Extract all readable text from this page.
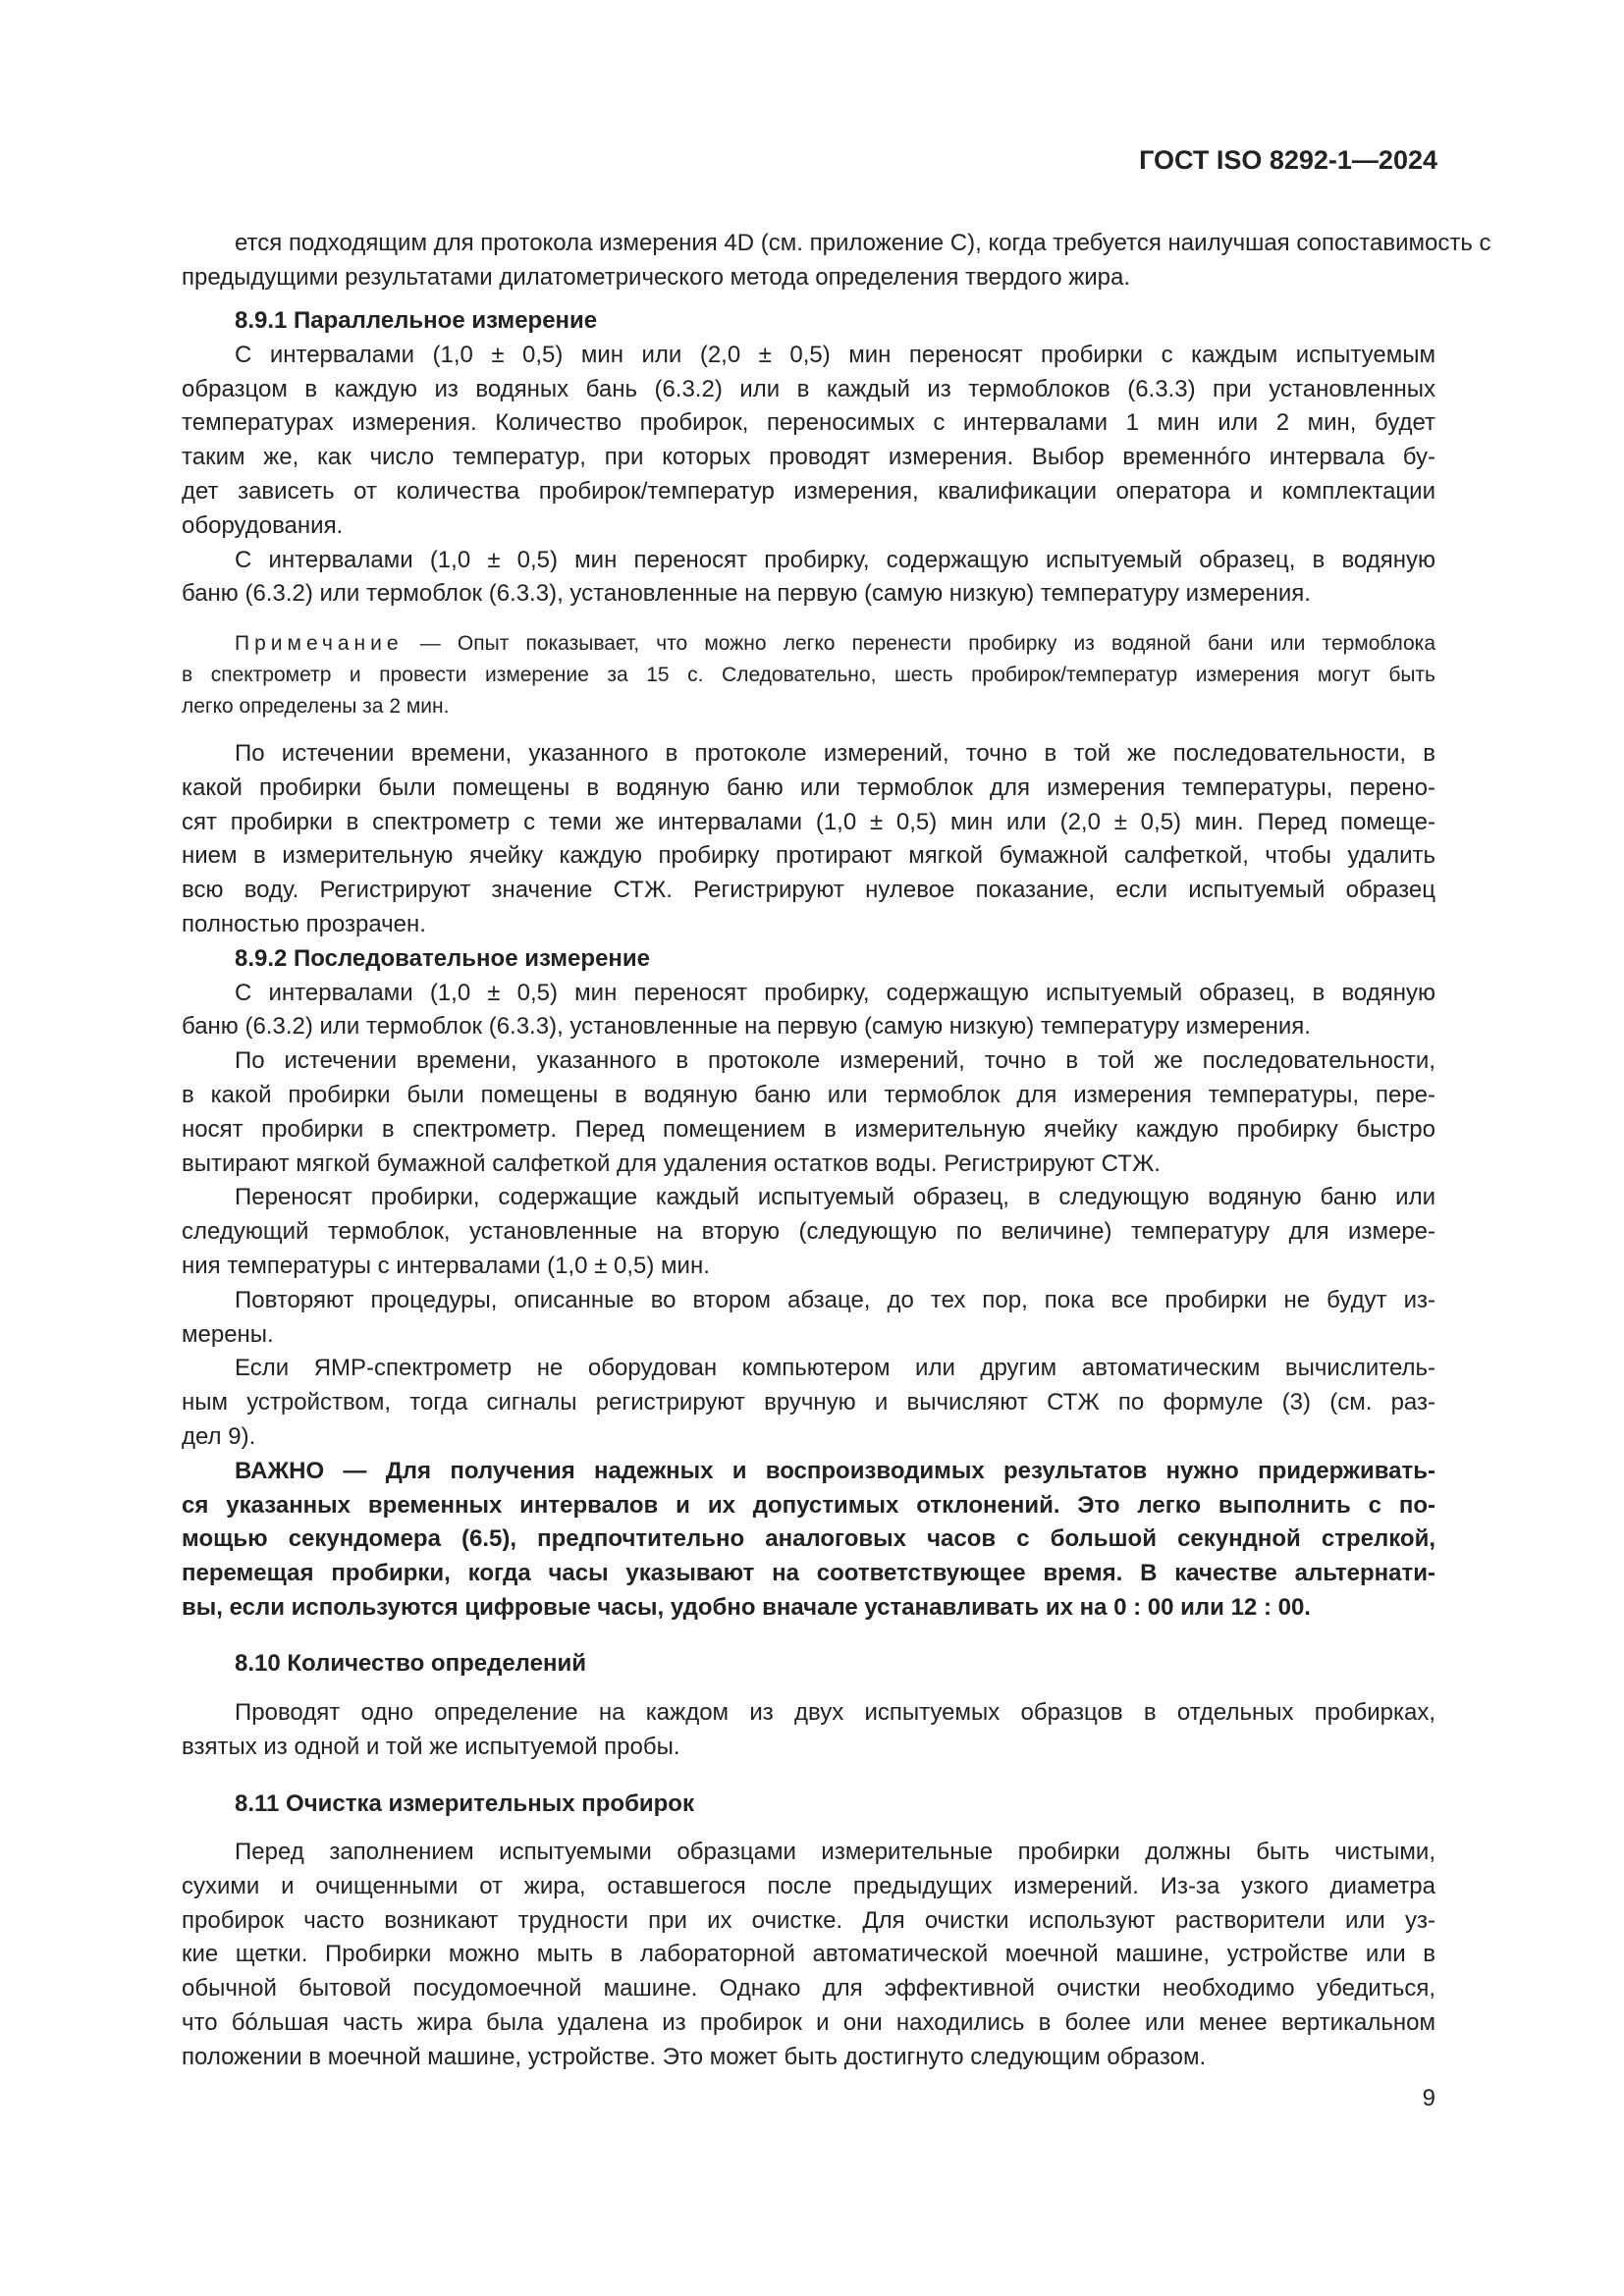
ГОСТ ISO 8292-1—2024
ется подходящим для протокола измерения 4D (см. приложение С), когда требуется наилучшая сопоставимость с
предыдущими результатами дилатометрического метода определения твердого жира.
8.9.1 Параллельное измерение
С интервалами (1,0 ± 0,5) мин или (2,0 ± 0,5) мин переносят пробирки с каждым испытуемым
образцом в каждую из водяных бань (6.3.2) или в каждый из термоблоков (6.3.3) при установленных
температурах измерения. Количество пробирок, переносимых с интервалами 1 мин или 2 мин, будет
таким же, как число температур, при которых проводят измерения. Выбор временнóго интервала бу-
дет зависеть от количества пробирок/температур измерения, квалификации оператора и комплектации
оборудования.
С интервалами (1,0 ± 0,5) мин переносят пробирку, содержащую испытуемый образец, в водяную
баню (6.3.2) или термоблок (6.3.3), установленные на первую (самую низкую) температуру измерения.
Примечание — Опыт показывает, что можно легко перенести пробирку из водяной бани или термоблока
в спектрометр и провести измерение за 15 с. Следовательно, шесть пробирок/температур измерения могут быть
легко определены за 2 мин.
По истечении времени, указанного в протоколе измерений, точно в той же последовательности, в
какой пробирки были помещены в водяную баню или термоблок для измерения температуры, перено-
сят пробирки в спектрометр с теми же интервалами (1,0 ± 0,5) мин или (2,0 ± 0,5) мин. Перед помеще-
нием в измерительную ячейку каждую пробирку протирают мягкой бумажной салфеткой, чтобы удалить
всю воду. Регистрируют значение СТЖ. Регистрируют нулевое показание, если испытуемый образец
полностью прозрачен.
8.9.2 Последовательное измерение
С интервалами (1,0 ± 0,5) мин переносят пробирку, содержащую испытуемый образец, в водяную
баню (6.3.2) или термоблок (6.3.3), установленные на первую (самую низкую) температуру измерения.
По истечении времени, указанного в протоколе измерений, точно в той же последовательности,
в какой пробирки были помещены в водяную баню или термоблок для измерения температуры, пере-
носят пробирки в спектрометр. Перед помещением в измерительную ячейку каждую пробирку быстро
вытирают мягкой бумажной салфеткой для удаления остатков воды. Регистрируют СТЖ.
Переносят пробирки, содержащие каждый испытуемый образец, в следующую водяную баню или
следующий термоблок, установленные на вторую (следующую по величине) температуру для измере-
ния температуры с интервалами (1,0 ± 0,5) мин.
Повторяют процедуры, описанные во втором абзаце, до тех пор, пока все пробирки не будут из-
мерены.
Если ЯМР-спектрометр не оборудован компьютером или другим автоматическим вычислитель-
ным устройством, тогда сигналы регистрируют вручную и вычисляют СТЖ по формуле (3) (см. раз-
дел 9).
ВАЖНО — Для получения надежных и воспроизводимых результатов нужно придерживать-
ся указанных временных интервалов и их допустимых отклонений. Это легко выполнить с по-
мощью секундомера (6.5), предпочтительно аналоговых часов с большой секундной стрелкой,
перемещая пробирки, когда часы указывают на соответствующее время. В качестве альтернати-
вы, если используются цифровые часы, удобно вначале устанавливать их на 0 : 00 или 12 : 00.
8.10 Количество определений
Проводят одно определение на каждом из двух испытуемых образцов в отдельных пробирках,
взятых из одной и той же испытуемой пробы.
8.11 Очистка измерительных пробирок
Перед заполнением испытуемыми образцами измерительные пробирки должны быть чистыми,
сухими и очищенными от жира, оставшегося после предыдущих измерений. Из-за узкого диаметра
пробирок часто возникают трудности при их очистке. Для очистки используют растворители или уз-
кие щетки. Пробирки можно мыть в лабораторной автоматической моечной машине, устройстве или в
обычной бытовой посудомоечной машине. Однако для эффективной очистки необходимо убедиться,
что бóльшая часть жира была удалена из пробирок и они находились в более или менее вертикальном
положении в моечной машине, устройстве. Это может быть достигнуто следующим образом.
9
